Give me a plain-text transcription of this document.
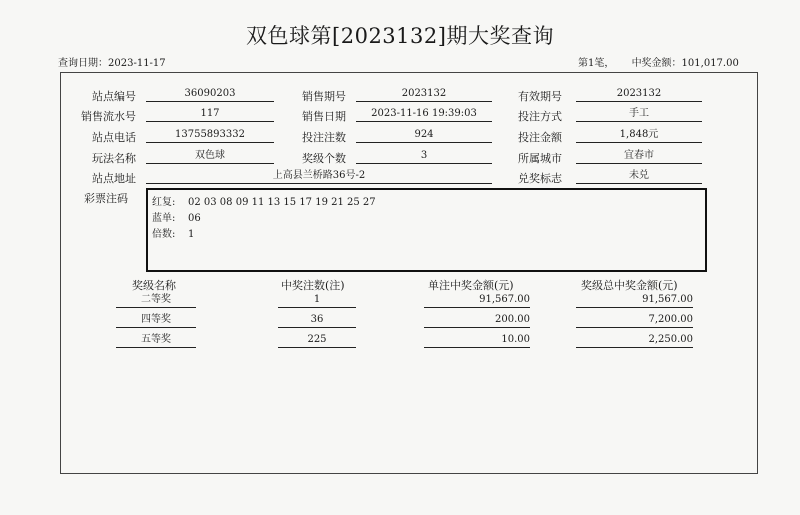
双色球第[2023132]期大奖查询
查询日期：2023-11-17	第1笔， 中奖金额：101,017.00
站点编号	36090203	销售期号	2023132	有效期号	2023132
销售流水号	117	销售日期	2023-11-16 19:39:03	投注方式	手工
站点电话	13755893332	投注注数	924	投注金额	1,848元
玩法名称	双色球	奖级个数	3	所属城市	宜春市
站点地址	上高县兰桥路36号-2	兑奖标志	未兑
彩票注码 红复: 02 03 08 09 11 13 15 17 19 21 25 27
蓝单: 06
倍数: 1
奖级名称	中奖注数(注)	单注中奖金额(元)	奖级总中奖金额(元)
二等奖	1	91,567.00	91,567.00
四等奖	36	200.00	7,200.00
五等奖	225	10.00	2,250.00
